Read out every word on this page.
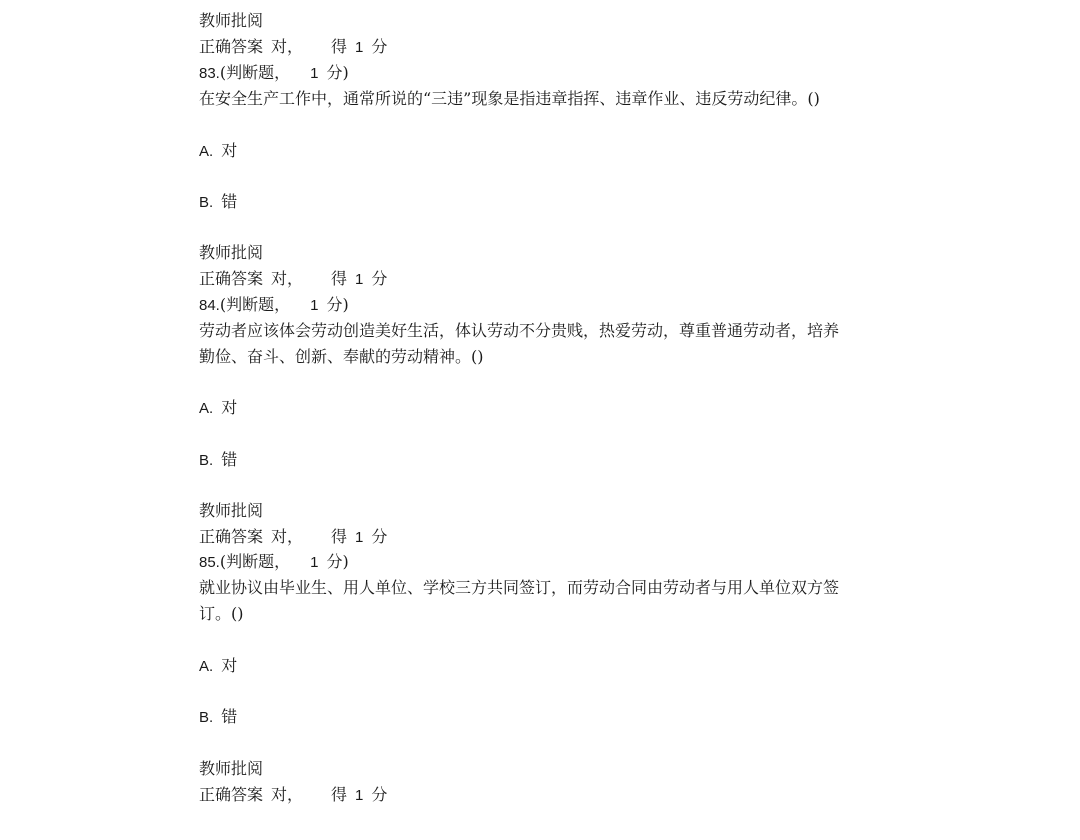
教师批阅
正确答案 对， 得 1 分
83.(判断题， 1 分)
在安全生产工作中，通常所说的“三违”现象是指违章指挥、违章作业、违反劳动纪律。()
A. 对
B. 错
教师批阅
正确答案 对， 得 1 分
84.(判断题， 1 分)
劳动者应该体会劳动创造美好生活，体认劳动不分贵贱，热爱劳动，尊重普通劳动者，培养
勤俭、奋斗、创新、奉献的劳动精神。()
A. 对
B. 错
教师批阅
正确答案 对， 得 1 分
85.(判断题， 1 分)
就业协议由毕业生、用人单位、学校三方共同签订，而劳动合同由劳动者与用人单位双方签
订。()
A. 对
B. 错
教师批阅
正确答案 对， 得 1 分
